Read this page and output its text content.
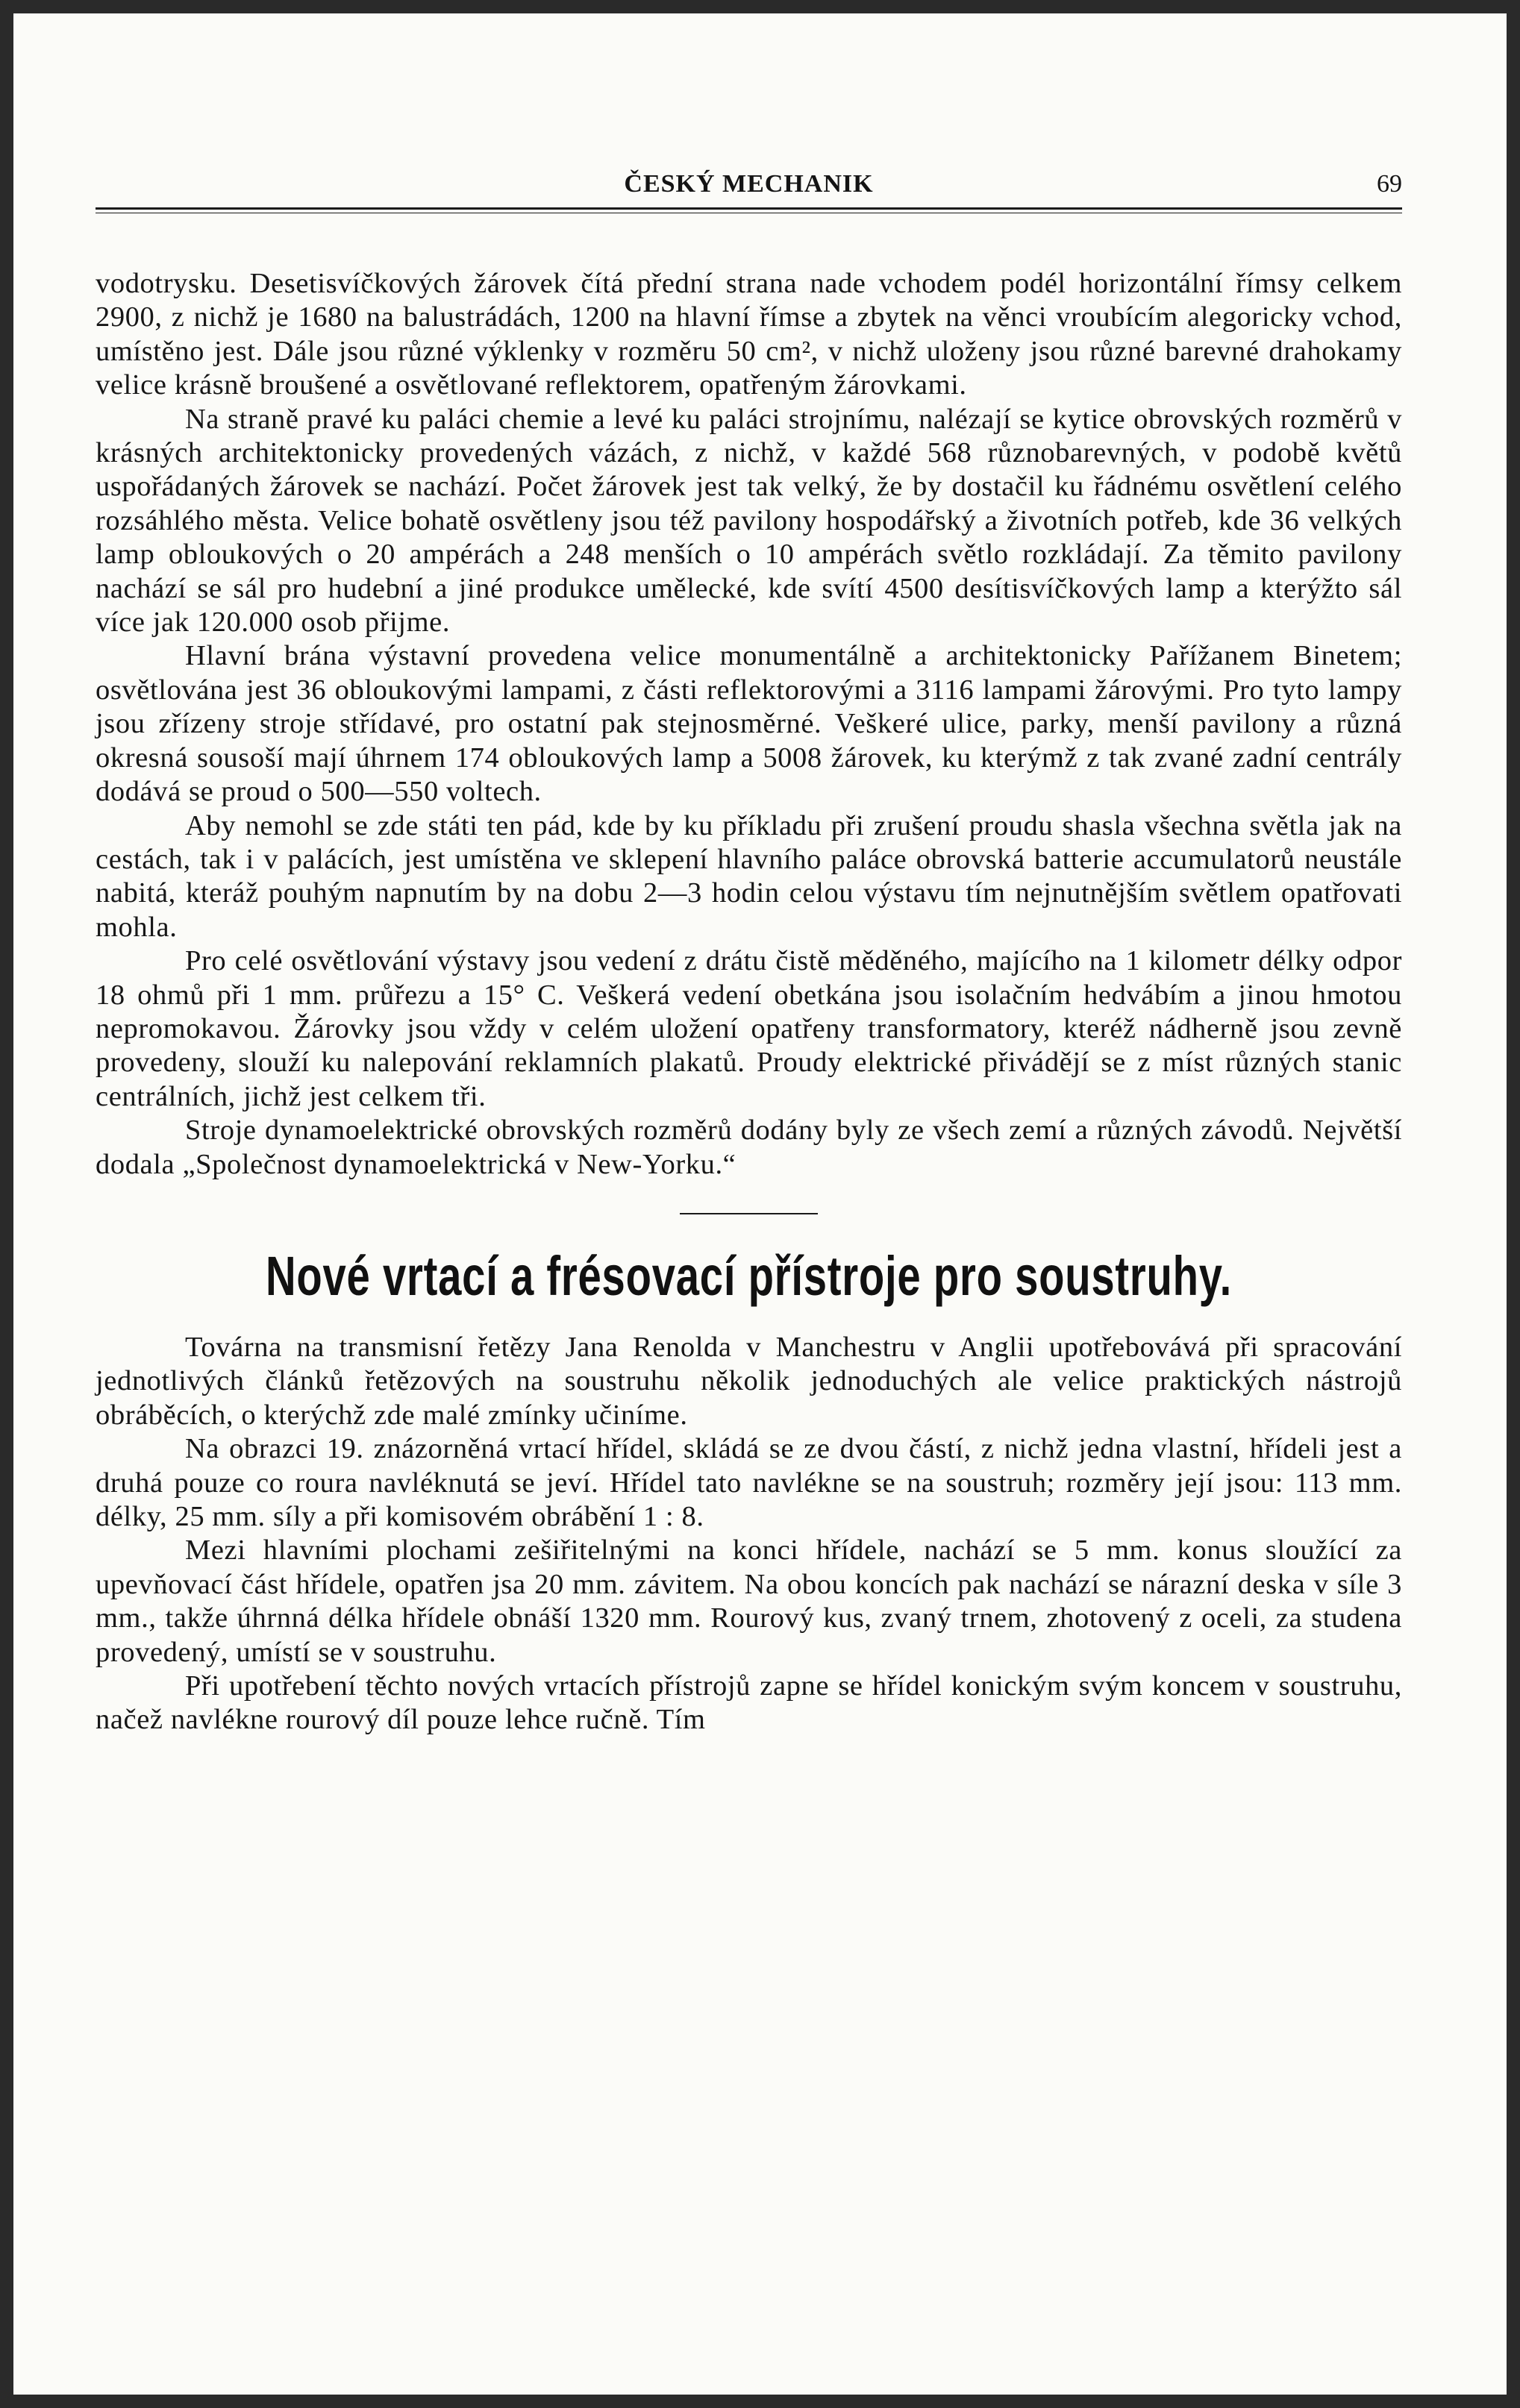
ČESKÝ MECHANIK	69

vodotrysku. Desetisvíčkových žárovek čítá přední strana nade vchodem podél horizontální římsy celkem 2900, z nichž je 1680 na balustrádách, 1200 na hlavní římse a zbytek na věnci vroubícím alegoricky vchod, umístěno jest. Dále jsou různé výklenky v rozměru 50 cm², v nichž uloženy jsou různé barevné drahokamy velice krásně broušené a osvětlované reflektorem, opatřeným žárovkami.

Na straně pravé ku paláci chemie a levé ku paláci strojnímu, nalézají se kytice obrovských rozměrů v krásných architektonicky provedených vázách, z nichž, v každé 568 různobarevných, v podobě květů uspořádaných žárovek se nachází. Počet žárovek jest tak velký, že by dostačil ku řádnému osvětlení celého rozsáhlého města. Velice bohatě osvětleny jsou též pavilony hospodářský a životních potřeb, kde 36 velkých lamp obloukových o 20 ampérách a 248 menších o 10 ampérách světlo rozkládají. Za těmito pavilony nachází se sál pro hudební a jiné produkce umělecké, kde svítí 4500 desítisvíčkových lamp a kterýžto sál více jak 120.000 osob přijme.

Hlavní brána výstavní provedena velice monumentálně a architektonicky Pařížanem Binetem; osvětlována jest 36 obloukovými lampami, z části reflektorovými a 3116 lampami žárovými. Pro tyto lampy jsou zřízeny stroje střídavé, pro ostatní pak stejnosměrné. Veškeré ulice, parky, menší pavilony a různá okresná sousoší mají úhrnem 174 obloukových lamp a 5008 žárovek, ku kterýmž z tak zvané zadní centrály dodává se proud o 500—550 voltech.

Aby nemohl se zde státi ten pád, kde by ku příkladu při zrušení proudu shasla všechna světla jak na cestách, tak i v palácích, jest umístěna ve sklepení hlavního paláce obrovská batterie accumulatorů neustále nabitá, kteráž pouhým napnutím by na dobu 2—3 hodin celou výstavu tím nejnutnějším světlem opatřovati mohla.

Pro celé osvětlování výstavy jsou vedení z drátu čistě měděného, majícího na 1 kilometr délky odpor 18 ohmů při 1 mm. průřezu a 15° C. Veškerá vedení obetkána jsou isolačním hedvábím a jinou hmotou nepromokavou. Žárovky jsou vždy v celém uložení opatřeny transformatory, kteréž nádherně jsou zevně provedeny, slouží ku nalepování reklamních plakatů. Proudy elektrické přivádějí se z míst různých stanic centrálních, jichž jest celkem tři.

Stroje dynamoelektrické obrovských rozměrů dodány byly ze všech zemí a různých závodů. Největší dodala „Společnost dynamoelektrická v New-Yorku.“

Nové vrtací a frésovací přístroje pro soustruhy.

Továrna na transmisní řetězy Jana Renolda v Manchestru v Anglii upotřebovává při spracování jednotlivých článků řetězových na soustruhu několik jednoduchých ale velice praktických nástrojů obráběcích, o kterýchž zde malé zmínky učiníme.

Na obrazci 19. znázorněná vrtací hřídel, skládá se ze dvou částí, z nichž jedna vlastní, hřídeli jest a druhá pouze co roura navléknutá se jeví. Hřídel tato navlékne se na soustruh; rozměry její jsou: 113 mm. délky, 25 mm. síly a při komisovém obrábění 1 : 8.

Mezi hlavními plochami zešiřitelnými na konci hřídele, nachází se 5 mm. konus sloužící za upevňovací část hřídele, opatřen jsa 20 mm. závitem. Na obou koncích pak nachází se nárazní deska v síle 3 mm., takže úhrnná délka hřídele obnáší 1320 mm. Rourový kus, zvaný trnem, zhotovený z oceli, za studena provedený, umístí se v soustruhu.

Při upotřebení těchto nových vrtacích přístrojů zapne se hřídel konickým svým koncem v soustruhu, načež navlékne rourový díl pouze lehce ručně. Tím
